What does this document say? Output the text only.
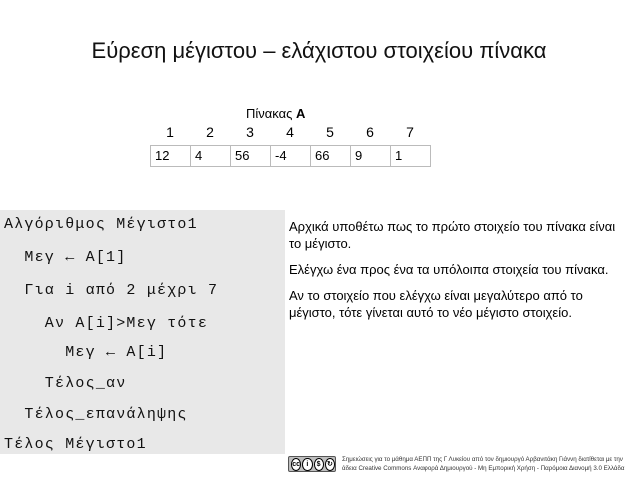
Εύρεση μέγιστου – ελάχιστου στοιχείου πίνακα
Πίνακας A
1	2	3	4	5	6	7
12	4	56	-4	66	9	1
Αλγόριθμος Μέγιστο1
Μεγ ← A[1]
Για i από 2 μέχρι 7
Αν A[i]>Μεγ τότε
Μεγ ← A[i]
Τέλος_αν
Τέλος_επανάληψης
Τέλος Μέγιστο1

Αρχικά υποθέτω πως το πρώτο στοιχείο του πίνακα είναι το μέγιστο.

Ελέγχω ένα προς ένα τα υπόλοιπα στοιχεία του πίνακα.

Αν το στοιχείο που ελέγχω είναι μεγαλύτερο από το μέγιστο, τότε γίνεται αυτό το νέο μέγιστο στοιχείο.

cc i	$ ↻
Σημειώσεις για το μάθημα ΑΕΠΠ της Γ Λυκείου από τον δημιουργό Αρβανιτάκη Γιάννη διατίθεται με την άδεια Creative Commons Αναφορά Δημιουργού - Μη Εμπορική Χρήση - Παρόμοια Διανομή 3.0 Ελλάδα
